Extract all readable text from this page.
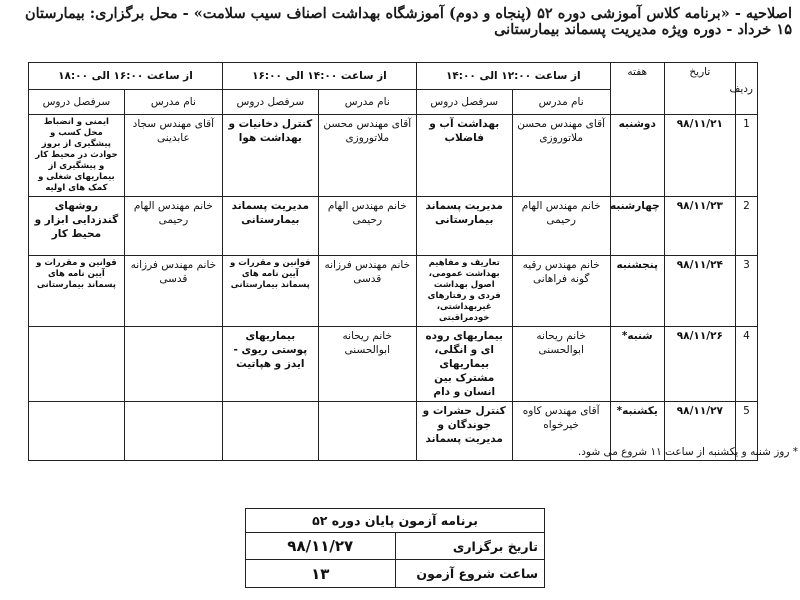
اصلاحیه - «برنامه کلاس آموزشی دوره ۵۲ (پنجاه و دوم) آموزشگاه بهداشت اصناف سیب سلامت» - محل برگزاری: بیمارستان ۱۵ خرداد - دوره ویژه مدیریت پسماند بیمارستانی
ردیف	تاریخ	هفته	از ساعت ۱۲:۰۰ الی ۱۴:۰۰		از ساعت ۱۴:۰۰ الی ۱۶:۰۰		از ساعت ۱۶:۰۰ الی ۱۸:۰۰	
			نام مدرس	سرفصل دروس	نام مدرس	سرفصل دروس	نام مدرس	سرفصل دروس
1	۹۸/۱۱/۲۱	دوشنبه	آقای مهندس محسن ملاتوروزی	بهداشت آب و فاضلاب	آقای مهندس محسن ملاتوروزی	کنترل دخانیات و بهداشت هوا	آقای مهندس سجاد عابدینی	ایمنی و انضباط محل کسب و پیشگیری از بروز حوادث در محیط کار و پیشگیری از بیماریهای شغلی و کمک های اولیه
2	۹۸/۱۱/۲۳	چهارشنبه	خانم مهندس الهام رحیمی	مدیریت پسماند بیمارستانی	خانم مهندس الهام رحیمی	مدیریت پسماند بیمارستانی	خانم مهندس الهام رحیمی	روشهای گندزدایی ابزار و محیط کار
3	۹۸/۱۱/۲۴	پنجشنبه	خانم مهندس رقیه گونه فراهانی	تعاریف و مفاهیم بهداشت عمومی، اصول بهداشت فردی و رفتارهای غیربهداشتی، خودمراقبتی	خانم مهندس فرزانه قدسی	قوانین و مقررات و آیین نامه های پسماند بیمارستانی	خانم مهندس فرزانه قدسی	قوانین و مقررات و آیین نامه های پسماند بیمارستانی
4	۹۸/۱۱/۲۶	شنبه*	خانم ریحانه ابوالحسنی	بیماریهای روده ای و انگلی، بیماریهای مشترک بین انسان و دام	خانم ریحانه ابوالحسنی	بیماریهای پوستی ریوی - ایدز و هپاتیت		
5	۹۸/۱۱/۲۷	یکشنبه*	آقای مهندس کاوه خیرخواه	کنترل حشرات و جوندگان و مدیریت پسماند				
* روز شنبه و یکشنبه از ساعت ۱۱ شروع می شود.
برنامه آزمون پایان دوره ۵۲	
تاریخ برگزاری	۹۸/۱۱/۲۷
ساعت شروع آزمون	۱۳
